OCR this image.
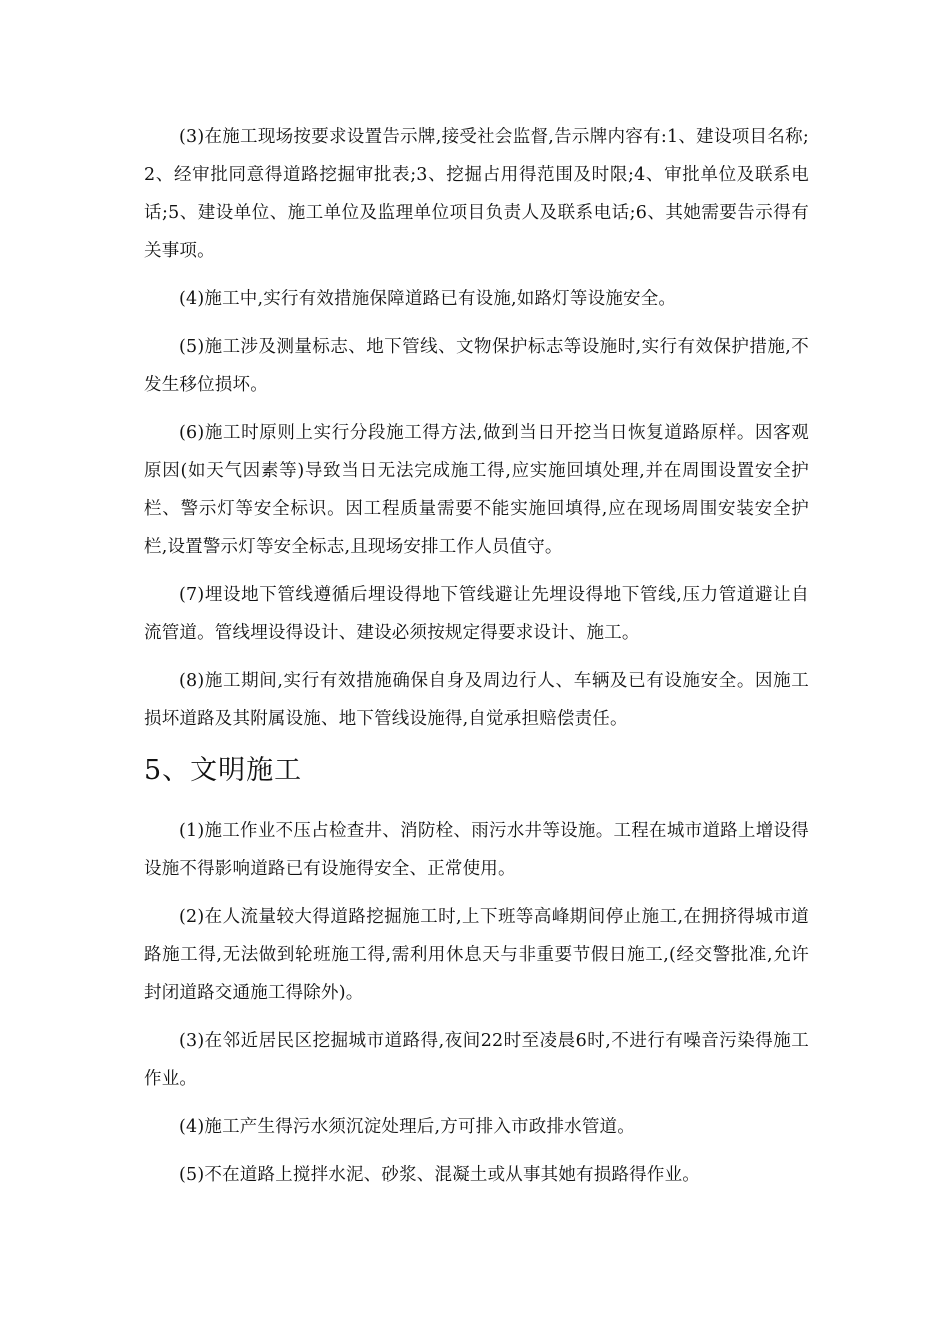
(3)在施工现场按要求设置告示牌,接受社会监督,告示牌内容有:1、建设项目名称;2、经审批同意得道路挖掘审批表;3、挖掘占用得范围及时限;4、审批单位及联系电话;5、建设单位、施工单位及监理单位项目负责人及联系电话;6、其她需要告示得有关事项。

(4)施工中,实行有效措施保障道路已有设施,如路灯等设施安全。

(5)施工涉及测量标志、地下管线、文物保护标志等设施时,实行有效保护措施,不发生移位损坏。

(6)施工时原则上实行分段施工得方法,做到当日开挖当日恢复道路原样。因客观原因(如天气因素等)导致当日无法完成施工得,应实施回填处理,并在周围设置安全护栏、警示灯等安全标识。因工程质量需要不能实施回填得,应在现场周围安装安全护栏,设置警示灯等安全标志,且现场安排工作人员值守。

(7)埋设地下管线遵循后埋设得地下管线避让先埋设得地下管线,压力管道避让自流管道。管线埋设得设计、建设必须按规定得要求设计、施工。

(8)施工期间,实行有效措施确保自身及周边行人、车辆及已有设施安全。因施工损坏道路及其附属设施、地下管线设施得,自觉承担赔偿责任。

5、文明施工

(1)施工作业不压占检查井、消防栓、雨污水井等设施。工程在城市道路上增设得设施不得影响道路已有设施得安全、正常使用。

(2)在人流量较大得道路挖掘施工时,上下班等高峰期间停止施工,在拥挤得城市道路施工得,无法做到轮班施工得,需利用休息天与非重要节假日施工,(经交警批准,允许封闭道路交通施工得除外)。

(3)在邻近居民区挖掘城市道路得,夜间22时至凌晨6时,不进行有噪音污染得施工作业。

(4)施工产生得污水须沉淀处理后,方可排入市政排水管道。

(5)不在道路上搅拌水泥、砂浆、混凝土或从事其她有损路得作业。
